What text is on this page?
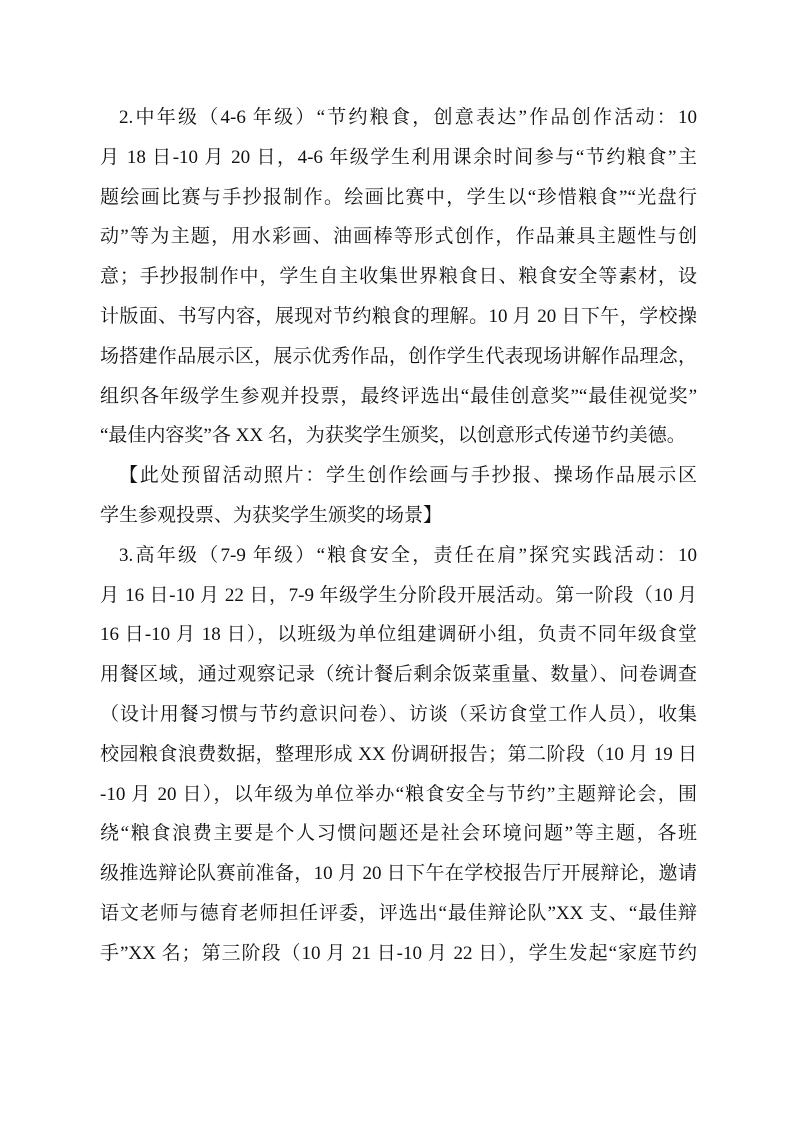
2.中年级（4-6 年级）“节约粮食，创意表达”作品创作活动：10
月 18 日-10 月 20 日，4-6 年级学生利用课余时间参与“节约粮食”主
题绘画比赛与手抄报制作。绘画比赛中，学生以“珍惜粮食”“光盘行
动”等为主题，用水彩画、油画棒等形式创作，作品兼具主题性与创
意；手抄报制作中，学生自主收集世界粮食日、粮食安全等素材，设
计版面、书写内容，展现对节约粮食的理解。10 月 20 日下午，学校操
场搭建作品展示区，展示优秀作品，创作学生代表现场讲解作品理念，
组织各年级学生参观并投票，最终评选出“最佳创意奖”“最佳视觉奖”
“最佳内容奖”各 XX 名，为获奖学生颁奖，以创意形式传递节约美德。
【此处预留活动照片：学生创作绘画与手抄报、操场作品展示区
学生参观投票、为获奖学生颁奖的场景】
3.高年级（7-9 年级）“粮食安全，责任在肩”探究实践活动：10
月 16 日-10 月 22 日，7-9 年级学生分阶段开展活动。第一阶段（10 月
16 日-10 月 18 日），以班级为单位组建调研小组，负责不同年级食堂
用餐区域，通过观察记录（统计餐后剩余饭菜重量、数量）、问卷调查
（设计用餐习惯与节约意识问卷）、访谈（采访食堂工作人员），收集
校园粮食浪费数据，整理形成 XX 份调研报告；第二阶段（10 月 19 日
-10 月 20 日），以年级为单位举办“粮食安全与节约”主题辩论会，围
绕“粮食浪费主要是个人习惯问题还是社会环境问题”等主题，各班
级推选辩论队赛前准备，10 月 20 日下午在学校报告厅开展辩论，邀请
语文老师与德育老师担任评委，评选出“最佳辩论队”XX 支、“最佳辩
手”XX 名；第三阶段（10 月 21 日-10 月 22 日），学生发起“家庭节约
